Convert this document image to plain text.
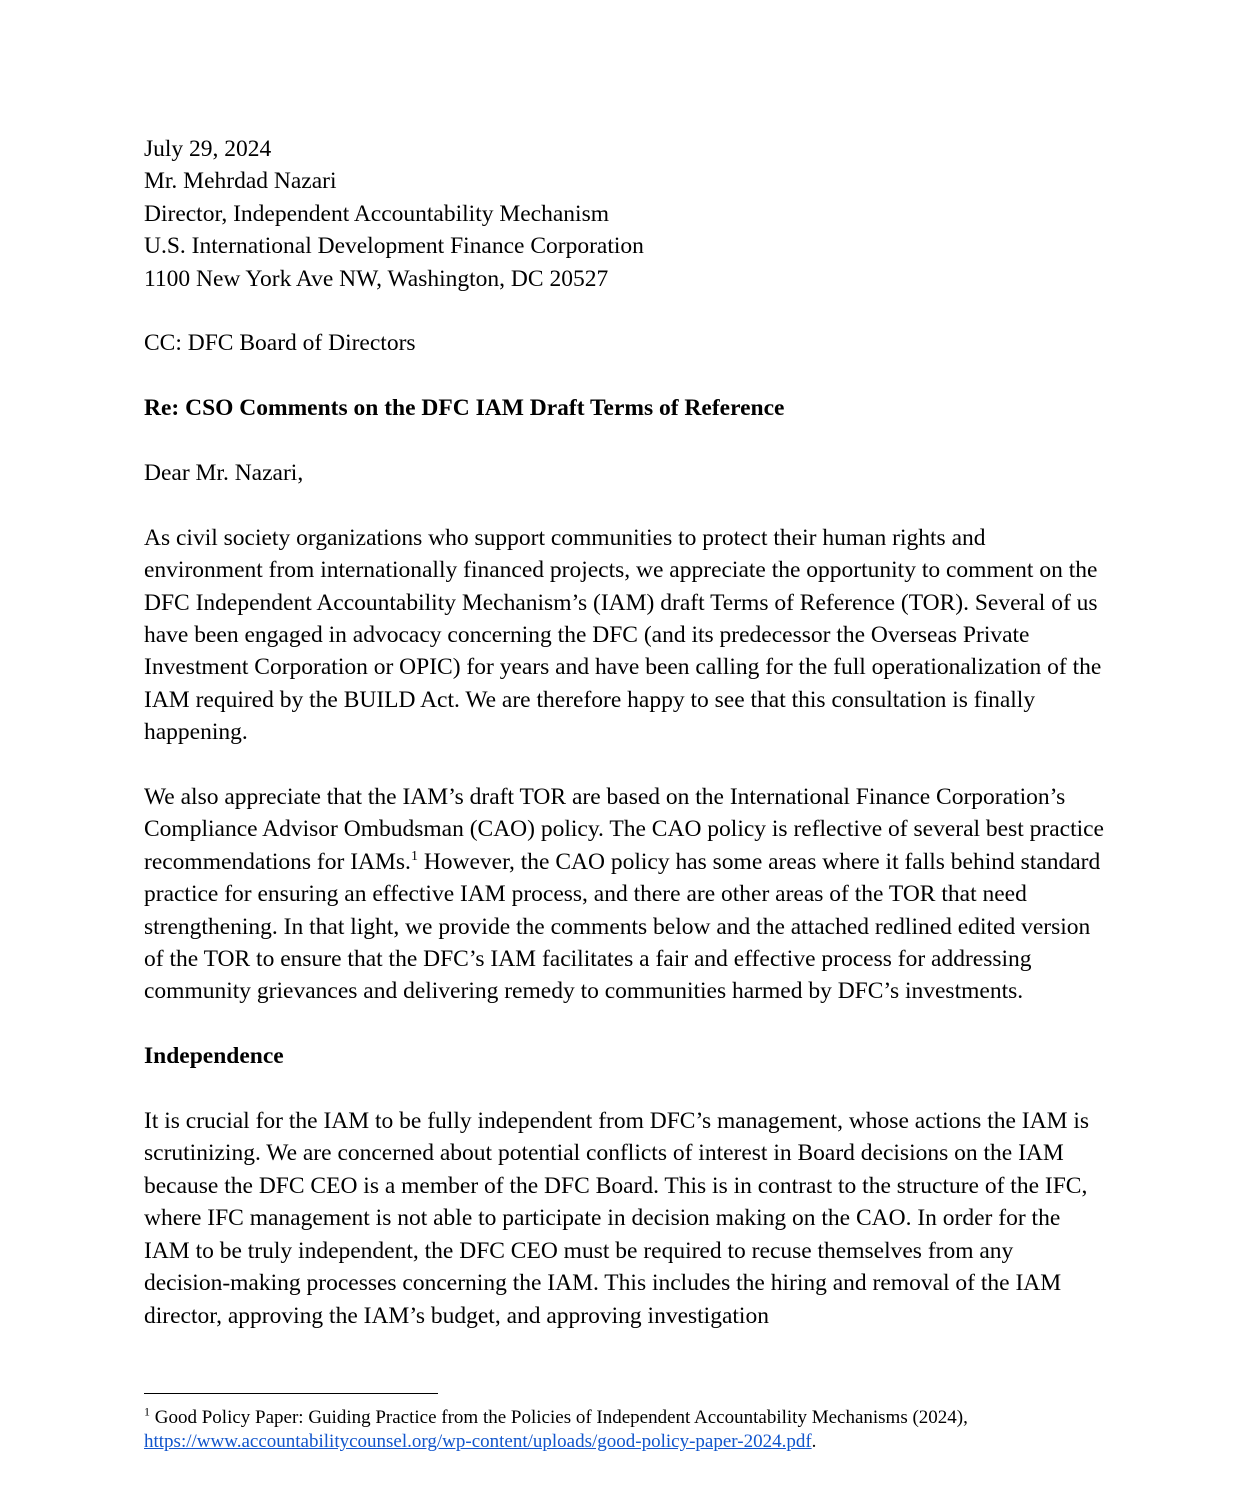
July 29, 2024

Mr. Mehrdad Nazari

Director, Independent Accountability Mechanism

U.S. International Development Finance Corporation

1100 New York Ave NW, Washington, DC 20527

CC: DFC Board of Directors

Re: CSO Comments on the DFC IAM Draft Terms of Reference

Dear Mr. Nazari,

As civil society organizations who support communities to protect their human rights and environment from internationally financed projects, we appreciate the opportunity to comment on the DFC Independent Accountability Mechanism’s (IAM) draft Terms of Reference (TOR). Several of us have been engaged in advocacy concerning the DFC (and its predecessor the Overseas Private Investment Corporation or OPIC) for years and have been calling for the full operationalization of the IAM required by the BUILD Act. We are therefore happy to see that this consultation is finally happening.

We also appreciate that the IAM’s draft TOR are based on the International Finance Corporation’s Compliance Advisor Ombudsman (CAO) policy. The CAO policy is reflective of several best practice recommendations for IAMs.$^1$ However, the CAO policy has some areas where it falls behind standard practice for ensuring an effective IAM process, and there are other areas of the TOR that need strengthening. In that light, we provide the comments below and the attached redlined edited version of the TOR to ensure that the DFC’s IAM facilitates a fair and effective process for addressing community grievances and delivering remedy to communities harmed by DFC’s investments.

Independence

It is crucial for the IAM to be fully independent from DFC’s management, whose actions the IAM is scrutinizing. We are concerned about potential conflicts of interest in Board decisions on the IAM because the DFC CEO is a member of the DFC Board. This is in contrast to the structure of the IFC, where IFC management is not able to participate in decision making on the CAO. In order for the IAM to be truly independent, the DFC CEO must be required to recuse themselves from any decision-making processes concerning the IAM. This includes the hiring and removal of the IAM director, approving the IAM’s budget, and approving investigation

$^1$ Good Policy Paper: Guiding Practice from the Policies of Independent Accountability Mechanisms (2024),
https://www.accountabilitycounsel.org/wp-content/uploads/good-policy-paper-2024.pdf.
